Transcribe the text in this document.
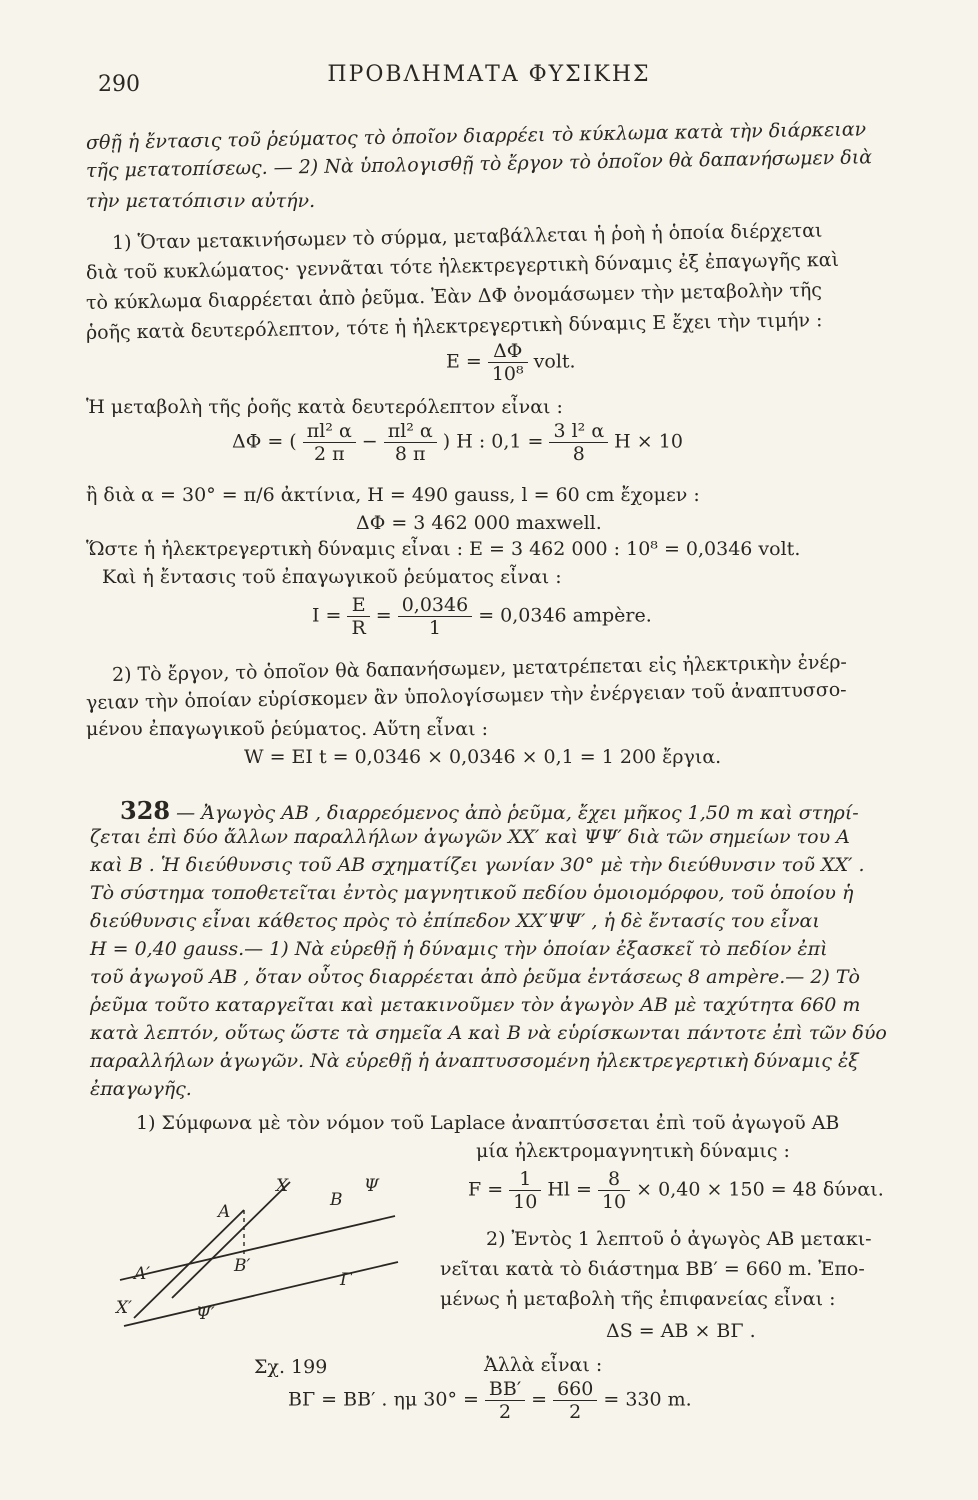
290	ΠΡΟΒΛΗΜΑΤΑ ΦΥΣΙΚΗΣ
σθῇ ἡ ἔντασις τοῦ ῥεύματος τὸ ὁποῖον διαρρέει τὸ κύκλωμα κατὰ τὴν διάρκειαν
τῆς μετατοπίσεως. — 2) Νὰ ὑπολογισθῇ τὸ ἔργον τὸ ὁποῖον θὰ δαπανήσωμεν διὰ
τὴν μετατόπισιν αὐτήν.
1) Ὅταν μετακινήσωμεν τὸ σύρμα, μεταβάλλεται ἡ ῥοὴ ἡ ὁποία διέρχεται
διὰ τοῦ κυκλώματος· γεννᾶται τότε ἠλεκτρεγερτικὴ δύναμις ἐξ ἐπαγωγῆς καὶ
τὸ κύκλωμα διαρρέεται ἀπὸ ῥεῦμα. Ἐὰν ΔΦ ὀνομάσωμεν τὴν μεταβολὴν τῆς
ῥοῆς κατὰ δευτερόλεπτον, τότε ἡ ἠλεκτρεγερτικὴ δύναμις E ἔχει τὴν τιμήν :
$E = \frac{\Delta\Phi}{\text{10⁸}}$ volt.
Ἡ μεταβολὴ τῆς ῥοῆς κατὰ δευτερόλεπτον εἶναι :
ΔΦ = ( $\frac{\text{πl² α}}{2 \pi} - \frac{\text{πl² α}}{8 \pi}$ ) H : $0,1 = \frac{\text{3 l² α}}{8}$ H × 10
ἢ διὰ α = 30° = π/6 ἀκτίνια, H = 490 gauss, l = 60 cm ἔχομεν :
ΔΦ = 3 462 000 maxwell.
Ὥστε ἡ ἠλεκτρεγερτικὴ δύναμις εἶναι : E = 3 462 000 : 10⁸ = 0,0346 volt.
Καὶ ἡ ἔντασις τοῦ ἐπαγωγικοῦ ῥεύματος εἶναι :
$I = \frac{E}{R} = \frac{0,0346}{1} = 0,0346$ ampère.
2) Τὸ ἔργον, τὸ ὁποῖον θὰ δαπανήσωμεν, μετατρέπεται εἰς ἠλεκτρικὴν ἐνέρ-
γειαν τὴν ὁποίαν εὑρίσκομεν ἂν ὑπολογίσωμεν τὴν ἐνέργειαν τοῦ ἀναπτυσσο-
μένου ἐπαγωγικοῦ ῥεύματος. Αὕτη εἶναι :
W = EI t = 0,0346 × 0,0346 × 0,1 = 1 200 ἔργια.
328 — Ἀγωγὸς AB , διαρρεόμενος ἀπὸ ῥεῦμα, ἔχει μῆκος 1,50 m καὶ στηρί-
ζεται ἐπὶ δύο ἄλλων παραλλήλων ἀγωγῶν XX′ καὶ ΨΨ′ διὰ τῶν σημείων του A
καὶ B . Ἡ διεύθυνσις τοῦ AB σχηματίζει γωνίαν 30° μὲ τὴν διεύθυνσιν τοῦ XX′ .
Τὸ σύστημα τοποθετεῖται ἐντὸς μαγνητικοῦ πεδίου ὁμοιομόρφου, τοῦ ὁποίου ἡ
διεύθυνσις εἶναι κάθετος πρὸς τὸ ἐπίπεδον XX′ΨΨ′ , ἡ δὲ ἔντασίς του εἶναι
H = 0,40 gauss.— 1) Νὰ εὑρεθῇ ἡ δύναμις τὴν ὁποίαν ἐξασκεῖ τὸ πεδίον ἐπὶ
τοῦ ἀγωγοῦ AB , ὅταν οὗτος διαρρέεται ἀπὸ ῥεῦμα ἐντάσεως 8 ampère.— 2) Τὸ
ῥεῦμα τοῦτο καταργεῖται καὶ μετακινοῦμεν τὸν ἀγωγὸν AB μὲ ταχύτητα 660 m
κατὰ λεπτόν, οὕτως ὥστε τὰ σημεῖα A καὶ B νὰ εὑρίσκωνται πάντοτε ἐπὶ τῶν δύο
παραλλήλων ἀγωγῶν. Νὰ εὑρεθῇ ἡ ἀναπτυσσομένη ἠλεκτρεγερτικὴ δύναμις ἐξ
ἐπαγωγῆς.
1) Σύμφωνα μὲ τὸν νόμον τοῦ Laplace ἀναπτύσσεται ἐπὶ τοῦ ἀγωγοῦ AB
μία ἠλεκτρομαγνητικὴ δύναμις :
$F = \frac{1}{10}$ $Hl = \frac{8}{10} \times 0,40 \times 150 = 48$ δύναι.
2) Ἐντὸς 1 λεπτοῦ ὁ ἀγωγὸς AB μετακι-
νεῖται κατὰ τὸ διάστημα BB′ = 660 m. Ἐπο-
μένως ἡ μεταβολὴ τῆς ἐπιφανείας εἶναι :
ΔS = AB × BΓ .
Ἀλλὰ εἶναι :
BΓ = BB′ . ημ $30^\circ = \frac{BB'}{2} = \frac{660}{2} = 330$ m.
A
X
B
Ψ
A′	B′
Γ
X′	Ψ′
Σχ. 199
